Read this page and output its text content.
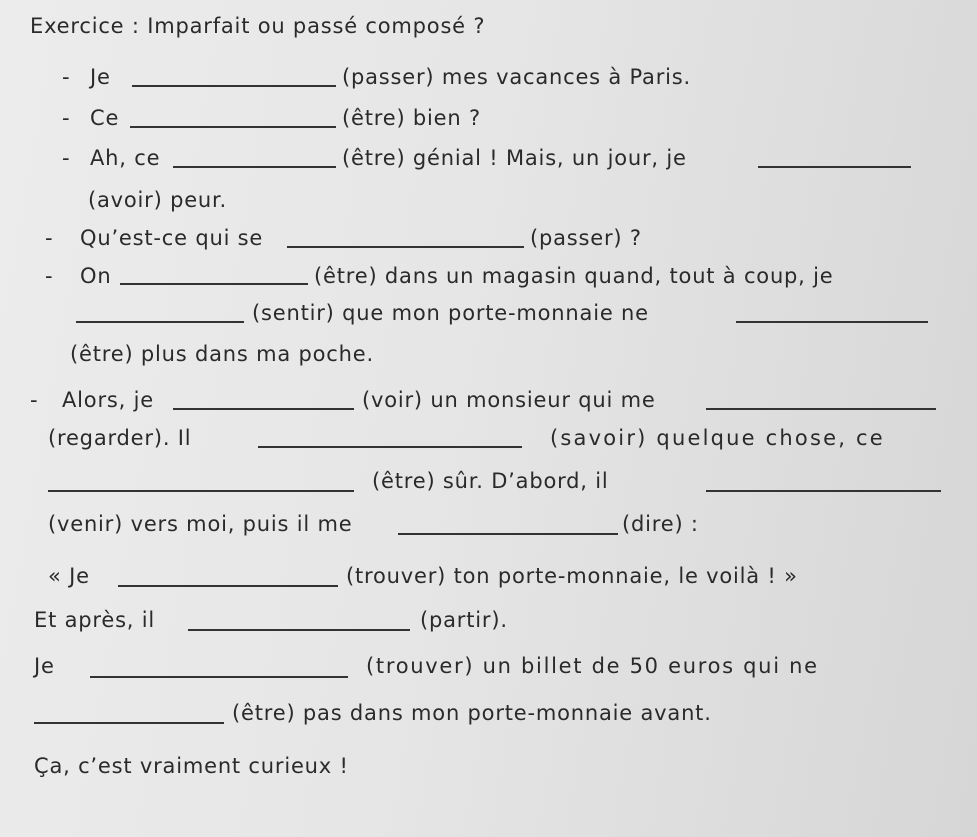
Exercice : Imparfait ou passé composé ?
- Je	(passer) mes vacances à Paris.
- Ce	(être) bien ?
- Ah, ce	(être) génial ! Mais, un jour, je
(avoir) peur.
- Qu’est-ce qui se	(passer) ?
- On	(être) dans un magasin quand, tout à coup, je
(sentir) que mon porte-monnaie ne
(être) plus dans ma poche.
- Alors, je	(voir) un monsieur qui me
(regarder). Il	(savoir) quelque chose, ce
(être) sûr. D’abord, il
(venir) vers moi, puis il me	(dire) :
« Je	(trouver) ton porte-monnaie, le voilà ! »
Et après, il	(partir).
Je	(trouver) un billet de 50 euros qui ne
(être) pas dans mon porte-monnaie avant.
Ça, c’est vraiment curieux !
